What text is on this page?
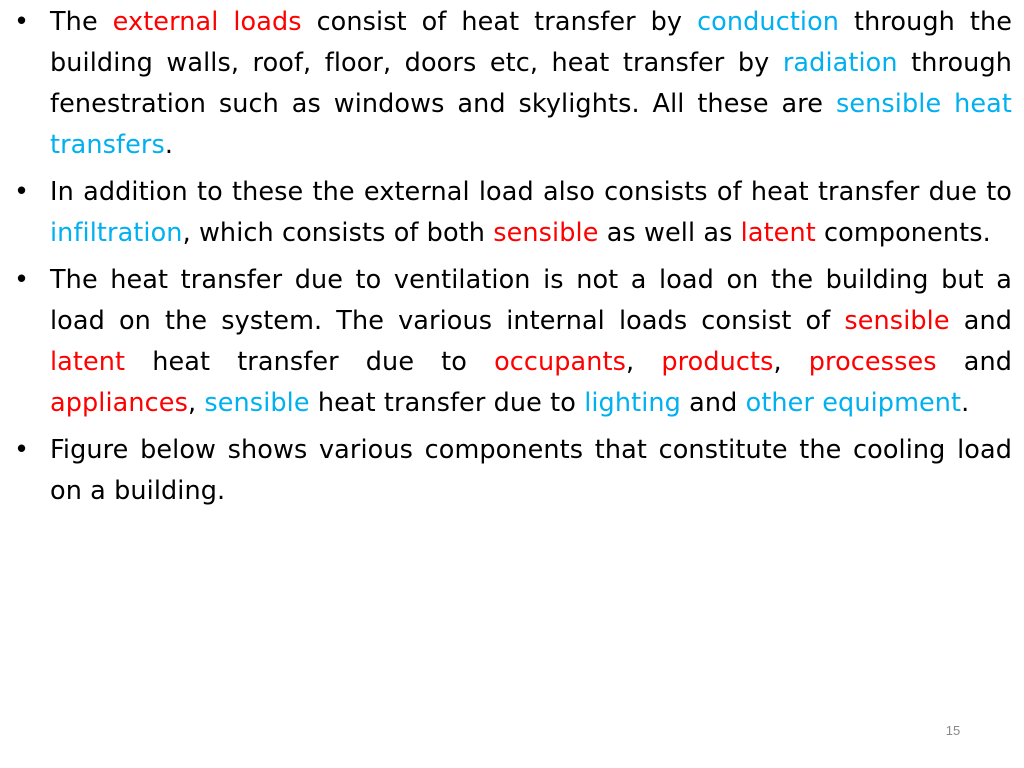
• The external loads consist of heat transfer by conduction through the building walls, roof, floor, doors etc, heat transfer by radiation through fenestration such as windows and skylights. All these are sensible heat transfers.
• In addition to these the external load also consists of heat transfer due to infiltration, which consists of both sensible as well as latent components.
• The heat transfer due to ventilation is not a load on the building but a load on the system. The various internal loads consist of sensible and latent heat transfer due to occupants, products, processes and appliances, sensible heat transfer due to lighting and other equipment.
• Figure below shows various components that constitute the cooling load on a building.
15
